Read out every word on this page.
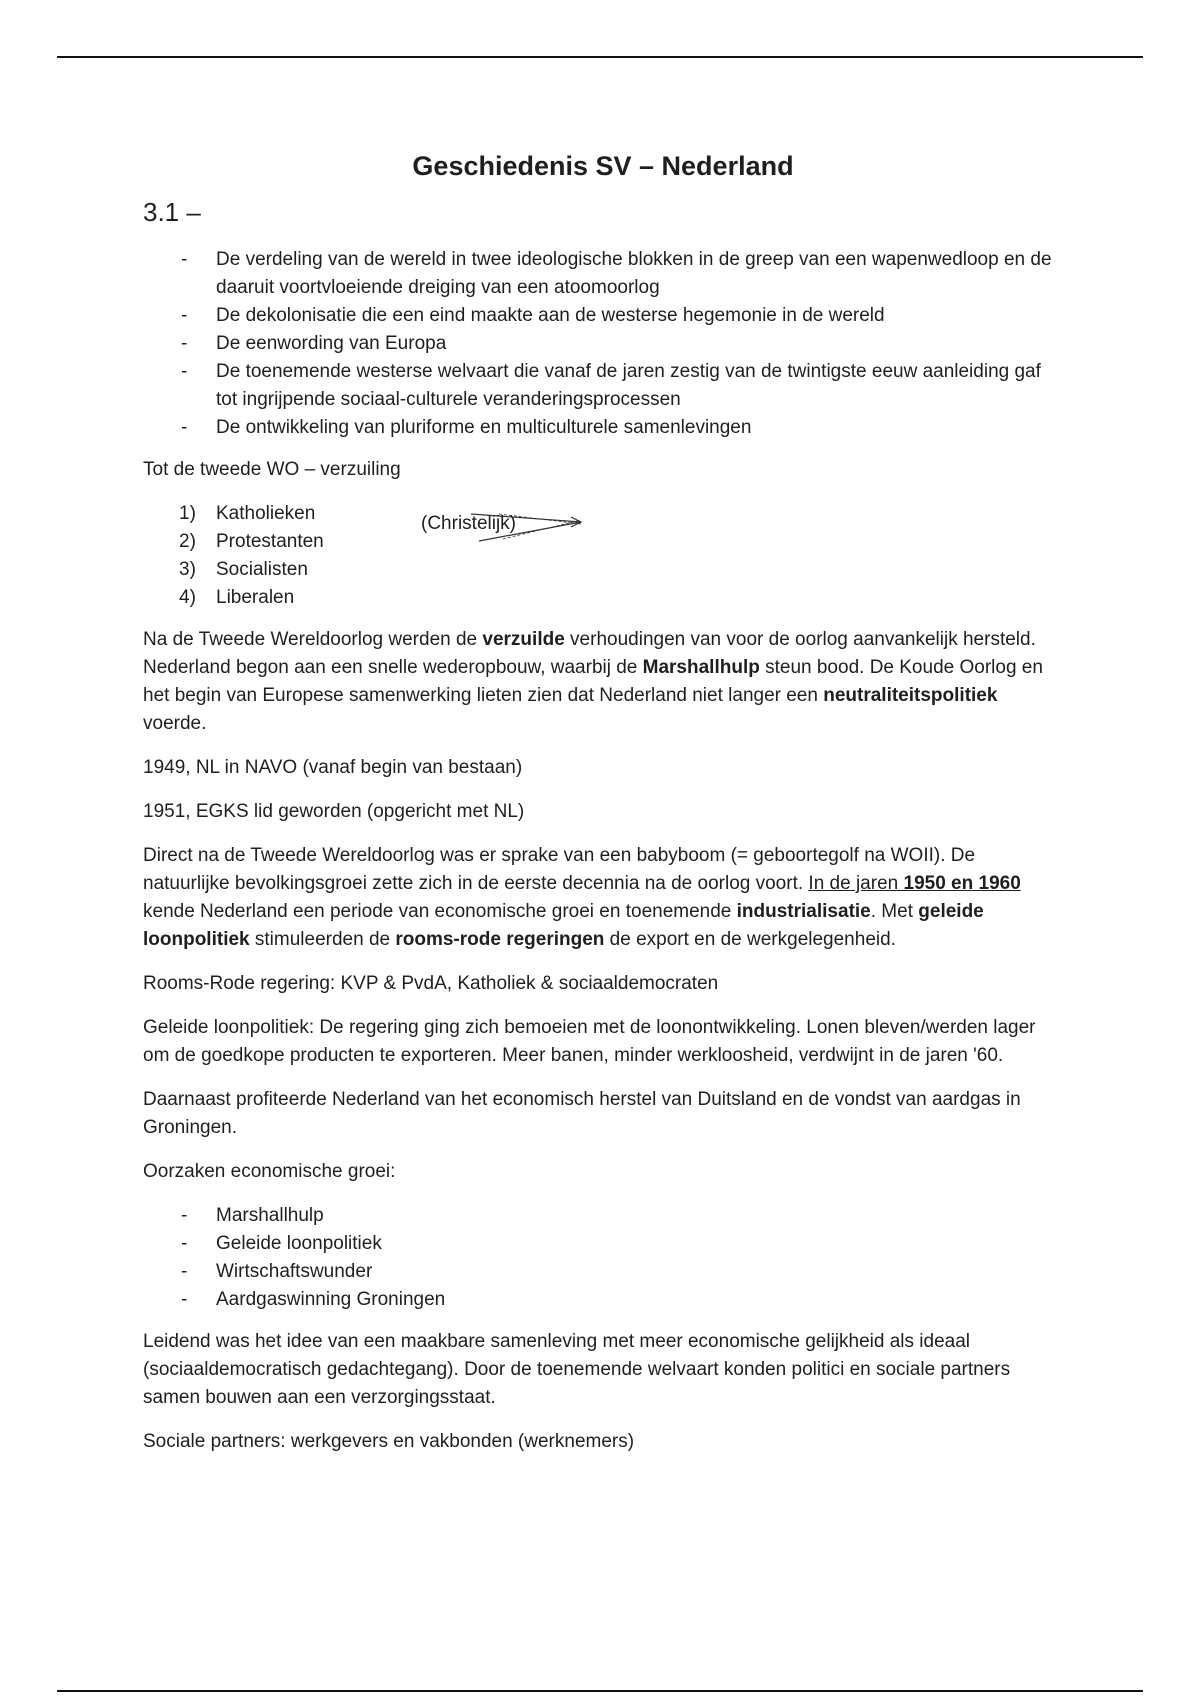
Geschiedenis SV – Nederland
3.1 –
- De verdeling van de wereld in twee ideologische blokken in de greep van een wapenwedloop en de daaruit voortvloeiende dreiging van een atoomoorlog
- De dekolonisatie die een eind maakte aan de westerse hegemonie in de wereld
- De eenwording van Europa
- De toenemende westerse welvaart die vanaf de jaren zestig van de twintigste eeuw aanleiding gaf tot ingrijpende sociaal-culturele veranderingsprocessen
- De ontwikkeling van pluriforme en multiculturele samenlevingen

Tot de tweede WO – verzuiling

1) Katholieken
2) Protestanten
3) Socialisten
4) Liberalen
(Christelijk)

Na de Tweede Wereldoorlog werden de verzuilde verhoudingen van voor de oorlog aanvankelijk hersteld. Nederland begon aan een snelle wederopbouw, waarbij de Marshallhulp steun bood. De Koude Oorlog en het begin van Europese samenwerking lieten zien dat Nederland niet langer een neutraliteitspolitiek voerde.

1949, NL in NAVO (vanaf begin van bestaan)

1951, EGKS lid geworden (opgericht met NL)

Direct na de Tweede Wereldoorlog was er sprake van een babyboom (= geboortegolf na WOII). De natuurlijke bevolkingsgroei zette zich in de eerste decennia na de oorlog voort. In de jaren 1950 en 1960 kende Nederland een periode van economische groei en toenemende industrialisatie. Met geleide loonpolitiek stimuleerden de rooms-rode regeringen de export en de werkgelegenheid.

Rooms-Rode regering: KVP & PvdA, Katholiek & sociaaldemocraten

Geleide loonpolitiek: De regering ging zich bemoeien met de loonontwikkeling. Lonen bleven/werden lager om de goedkope producten te exporteren. Meer banen, minder werkloosheid, verdwijnt in de jaren '60.

Daarnaast profiteerde Nederland van het economisch herstel van Duitsland en de vondst van aardgas in Groningen.

Oorzaken economische groei:

- Marshallhulp
- Geleide loonpolitiek
- Wirtschaftswunder
- Aardgaswinning Groningen

Leidend was het idee van een maakbare samenleving met meer economische gelijkheid als ideaal (sociaaldemocratisch gedachtegang). Door de toenemende welvaart konden politici en sociale partners samen bouwen aan een verzorgingsstaat.

Sociale partners: werkgevers en vakbonden (werknemers)
